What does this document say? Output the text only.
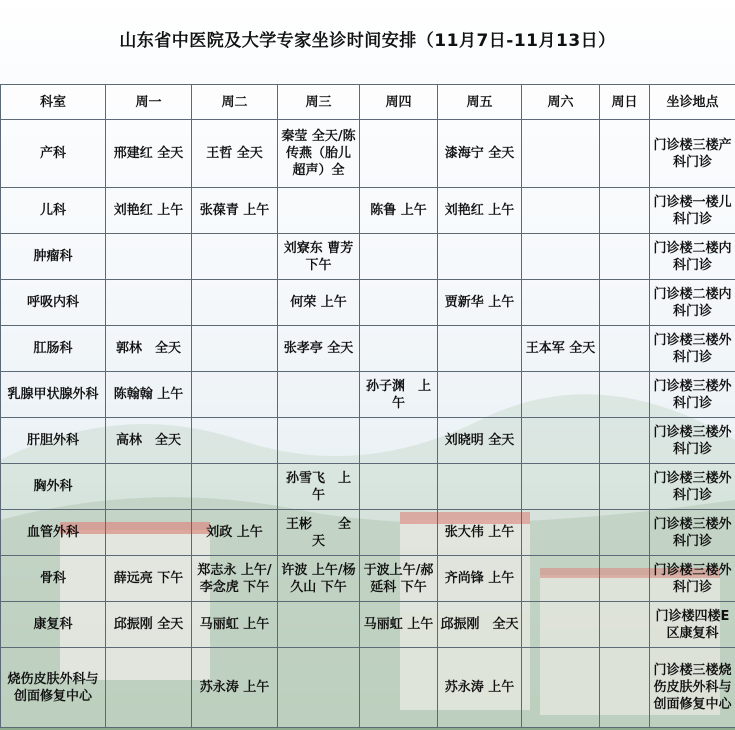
山东省中医院及大学专家坐诊时间安排（11月7日-11月13日）
科室	周一	周二	周三	周四	周五	周六	周日	坐诊地点
产科	邢建红 全天	王哲 全天	秦莹 全天/陈传燕（胎儿超声）全		漆海宁 全天			门诊楼三楼产科门诊
儿科	刘艳红 上午	张葆青 上午		陈鲁 上午	刘艳红 上午			门诊楼一楼儿科门诊
肿瘤科			刘寮东 曹芳 下午					门诊楼二楼内科门诊
呼吸内科			何荣 上午		贾新华 上午			门诊楼二楼内科门诊
肛肠科	郭林　全天		张孝亭 全天			王本军 全天		门诊楼三楼外科门诊
乳腺甲状腺外科	陈翰翰 上午			孙子渊　上午				门诊楼三楼外科门诊
肝胆外科	高林　全天				刘晓明 全天			门诊楼三楼外科门诊
胸外科			孙雪飞　上午					门诊楼三楼外科门诊
血管外科		刘政 上午	王彬　　全天		张大伟 上午			门诊楼三楼外科门诊
骨科	薛远亮 下午	郑志永 上午/李念虎 下午	许波 上午/杨久山 下午	于波上午/郝延科 下午	齐尚锋 上午			门诊楼三楼外科门诊
康复科	邱振刚 全天	马丽虹 上午		马丽虹 上午	邱振刚　全天			门诊楼四楼E区康复科
烧伤皮肤外科与创面修复中心		苏永涛 上午			苏永涛 上午			门诊楼三楼烧伤皮肤外科与创面修复中心
